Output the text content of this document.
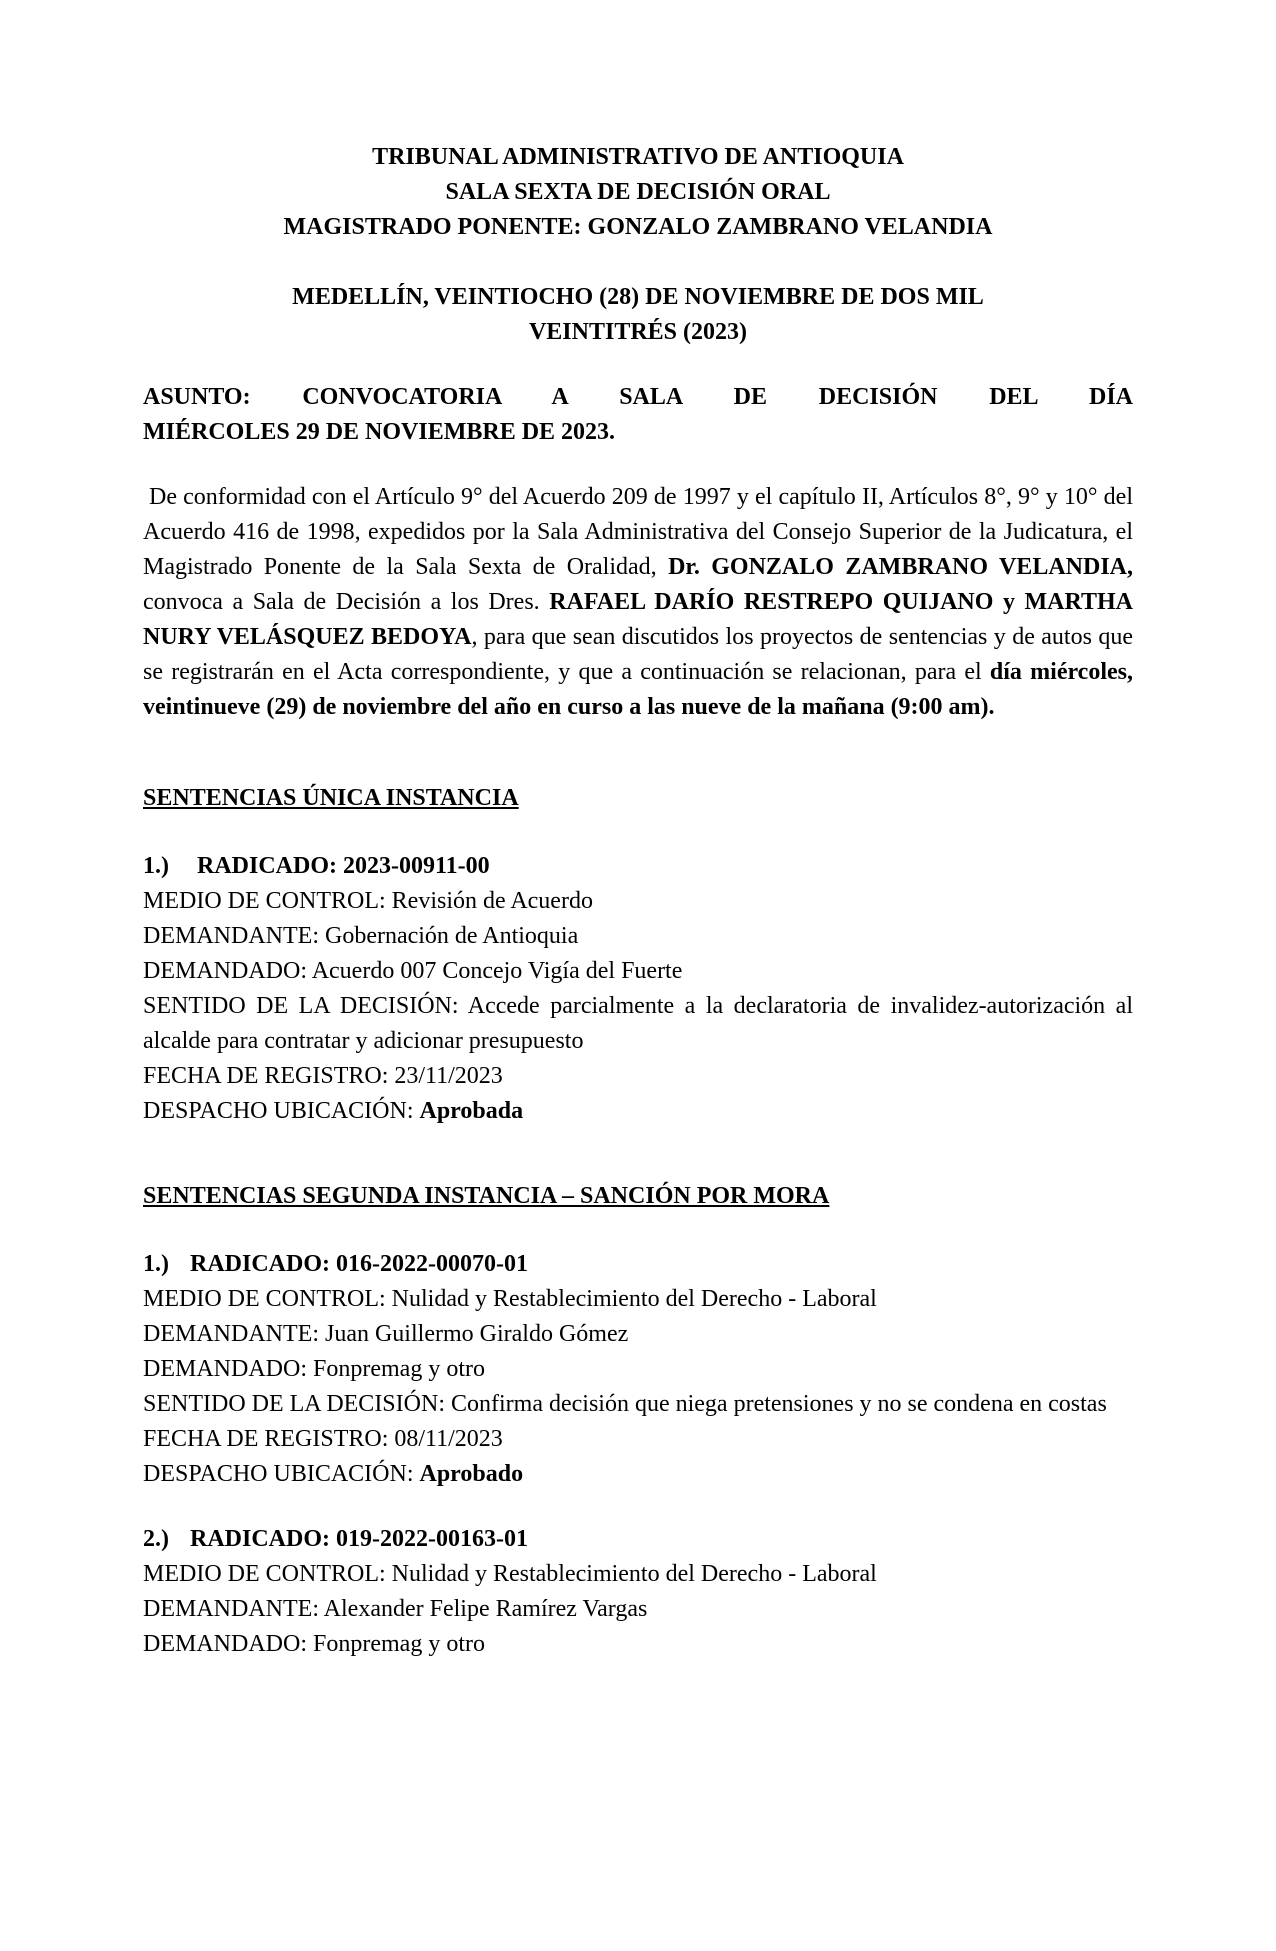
TRIBUNAL ADMINISTRATIVO DE ANTIOQUIA
SALA SEXTA DE DECISIÓN ORAL
MAGISTRADO PONENTE: GONZALO ZAMBRANO VELANDIA
MEDELLÍN, VEINTIOCHO (28) DE NOVIEMBRE DE DOS MIL
VEINTITRÉS (2023)
ASUNTO: CONVOCATORIA A SALA DE DECISIÓN DEL DÍA
MIÉRCOLES 29 DE NOVIEMBRE DE 2023.

De conformidad con el Artículo 9° del Acuerdo 209 de 1997 y el capítulo II, Artículos 8°, 9° y 10° del Acuerdo 416 de 1998, expedidos por la Sala Administrativa del Consejo Superior de la Judicatura, el Magistrado Ponente de la Sala Sexta de Oralidad, Dr. GONZALO ZAMBRANO VELANDIA, convoca a Sala de Decisión a los Dres. RAFAEL DARÍO RESTREPO QUIJANO y MARTHA NURY VELÁSQUEZ BEDOYA, para que sean discutidos los proyectos de sentencias y de autos que se registrarán en el Acta correspondiente, y que a continuación se relacionan, para el día miércoles, veintinueve (29) de noviembre del año en curso a las nueve de la mañana (9:00 am).

SENTENCIAS ÚNICA INSTANCIA
1.) RADICADO: 2023-00911-00
MEDIO DE CONTROL: Revisión de Acuerdo
DEMANDANTE: Gobernación de Antioquia
DEMANDADO: Acuerdo 007 Concejo Vigía del Fuerte
SENTIDO DE LA DECISIÓN: Accede parcialmente a la declaratoria de invalidez-autorización al alcalde para contratar y adicionar presupuesto
FECHA DE REGISTRO: 23/11/2023
DESPACHO UBICACIÓN: Aprobada
SENTENCIAS SEGUNDA INSTANCIA – SANCIÓN POR MORA
1.) RADICADO: 016-2022-00070-01
MEDIO DE CONTROL: Nulidad y Restablecimiento del Derecho - Laboral
DEMANDANTE: Juan Guillermo Giraldo Gómez
DEMANDADO: Fonpremag y otro
SENTIDO DE LA DECISIÓN: Confirma decisión que niega pretensiones y no se condena en costas
FECHA DE REGISTRO: 08/11/2023
DESPACHO UBICACIÓN: Aprobado
2.) RADICADO: 019-2022-00163-01
MEDIO DE CONTROL: Nulidad y Restablecimiento del Derecho - Laboral
DEMANDANTE: Alexander Felipe Ramírez Vargas
DEMANDADO: Fonpremag y otro
